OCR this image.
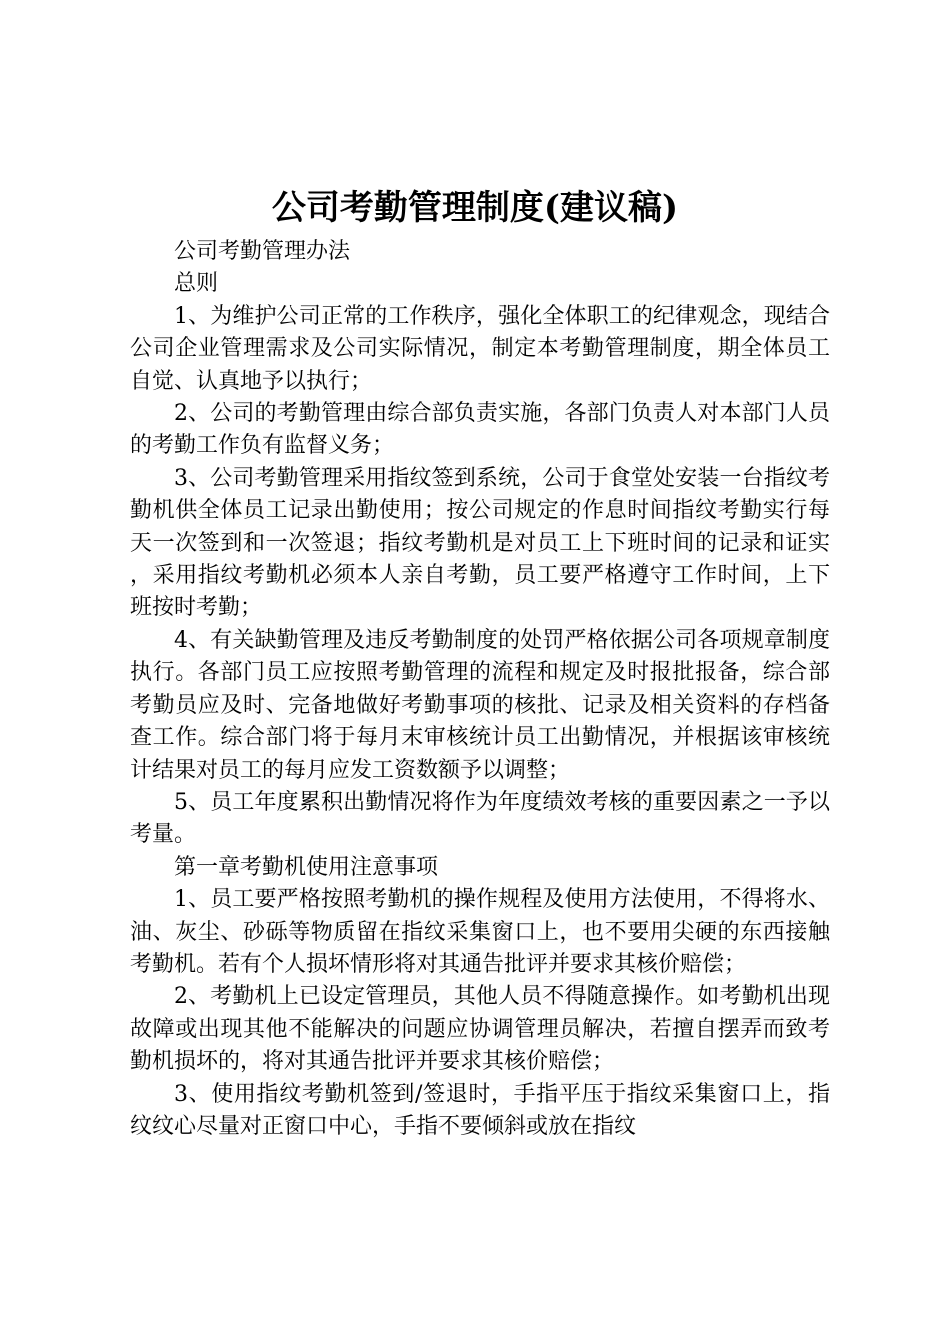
公司考勤管理制度(建议稿)

公司考勤管理办法

总则

1、为维护公司正常的工作秩序，强化全体职工的纪律观念，现结合公司企业管理需求及公司实际情况，制定本考勤管理制度，期全体员工自觉、认真地予以执行；

2、公司的考勤管理由综合部负责实施，各部门负责人对本部门人员的考勤工作负有监督义务；

3、公司考勤管理采用指纹签到系统，公司于食堂处安装一台指纹考勤机供全体员工记录出勤使用；按公司规定的作息时间指纹考勤实行每天一次签到和一次签退；指纹考勤机是对员工上下班时间的记录和证实，采用指纹考勤机必须本人亲自考勤，员工要严格遵守工作时间，上下班按时考勤；

4、有关缺勤管理及违反考勤制度的处罚严格依据公司各项规章制度执行。各部门员工应按照考勤管理的流程和规定及时报批报备，综合部考勤员应及时、完备地做好考勤事项的核批、记录及相关资料的存档备查工作。综合部门将于每月末审核统计员工出勤情况，并根据该审核统计结果对员工的每月应发工资数额予以调整；

5、员工年度累积出勤情况将作为年度绩效考核的重要因素之一予以考量。

第一章考勤机使用注意事项

1、员工要严格按照考勤机的操作规程及使用方法使用，不得将水、油、灰尘、砂砾等物质留在指纹采集窗口上，也不要用尖硬的东西接触考勤机。若有个人损坏情形将对其通告批评并要求其核价赔偿；

2、考勤机上已设定管理员，其他人员不得随意操作。如考勤机出现故障或出现其他不能解决的问题应协调管理员解决，若擅自摆弄而致考勤机损坏的，将对其通告批评并要求其核价赔偿；

3、使用指纹考勤机签到/签退时，手指平压于指纹采集窗口上，指纹纹心尽量对正窗口中心，手指不要倾斜或放在指纹
